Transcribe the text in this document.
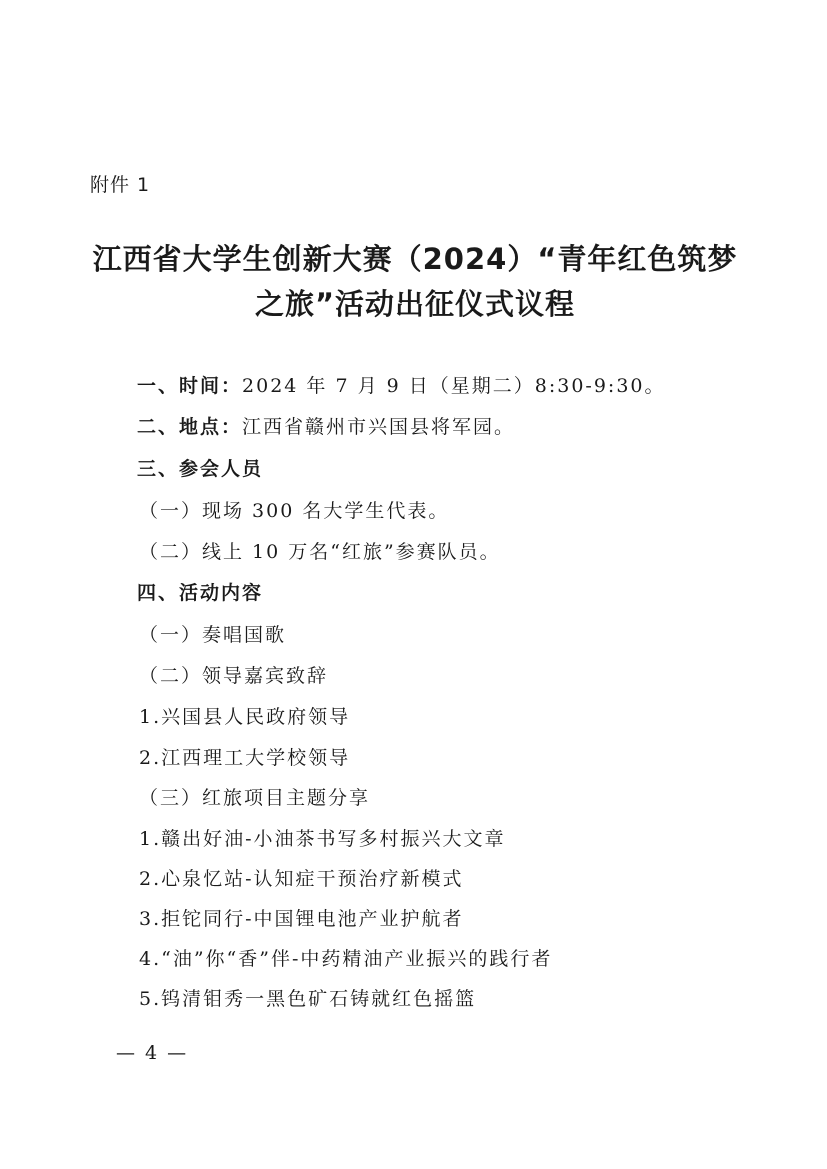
附件 1
江西省大学生创新大赛（2024）“青年红色筑梦
之旅”活动出征仪式议程
一、时间：2024 年 7 月 9 日（星期二）8:30-9:30。
二、地点：江西省赣州市兴国县将军园。
三、参会人员
（一）现场 300 名大学生代表。
（二）线上 10 万名“红旅”参赛队员。
四、活动内容
（一）奏唱国歌
（二）领导嘉宾致辞
1.兴国县人民政府领导
2.江西理工大学校领导
（三）红旅项目主题分享
1.赣出好油-小油茶书写多村振兴大文章
2.心泉忆站-认知症干预治疗新模式
3.拒铊同行-中国锂电池产业护航者
4.“油”你“香”伴-中药精油产业振兴的践行者
5.钨清钼秀一黑色矿石铸就红色摇篮
— 4 —
